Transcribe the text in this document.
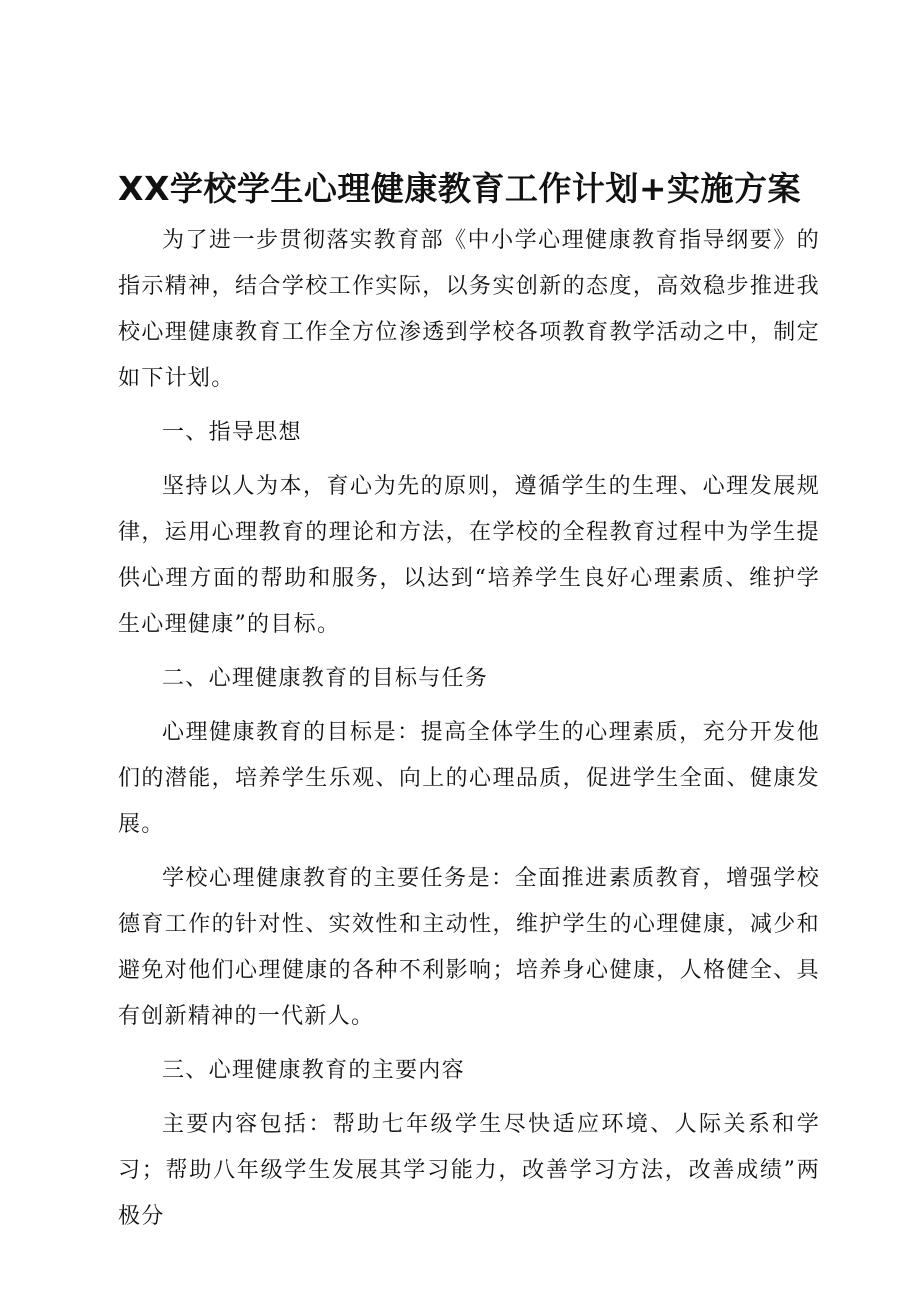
XX学校学生心理健康教育工作计划+实施方案

为了进一步贯彻落实教育部《中小学心理健康教育指导纲要》的指示精神，结合学校工作实际，以务实创新的态度，高效稳步推进我校心理健康教育工作全方位渗透到学校各项教育教学活动之中，制定如下计划。

一、指导思想

坚持以人为本，育心为先的原则，遵循学生的生理、心理发展规律，运用心理教育的理论和方法，在学校的全程教育过程中为学生提供心理方面的帮助和服务，以达到“培养学生良好心理素质、维护学生心理健康”的目标。

二、心理健康教育的目标与任务

心理健康教育的目标是：提高全体学生的心理素质，充分开发他们的潜能，培养学生乐观、向上的心理品质，促进学生全面、健康发展。

学校心理健康教育的主要任务是：全面推进素质教育，增强学校德育工作的针对性、实效性和主动性，维护学生的心理健康，减少和避免对他们心理健康的各种不利影响；培养身心健康，人格健全、具有创新精神的一代新人。

三、心理健康教育的主要内容

主要内容包括：帮助七年级学生尽快适应环境、人际关系和学习；帮助八年级学生发展其学习能力，改善学习方法，改善成绩”两极分
